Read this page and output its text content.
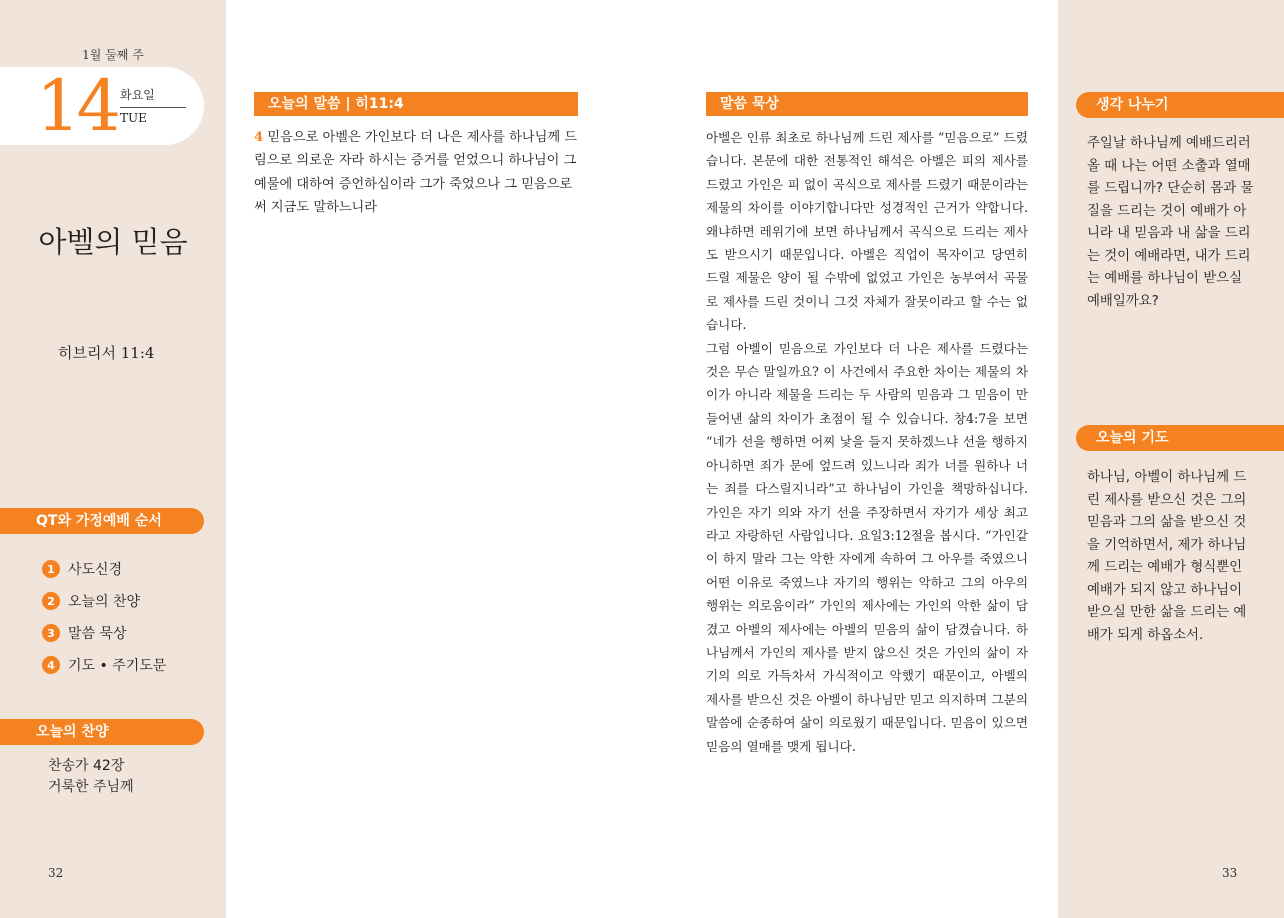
1월 둘째 주
14 화요일
TUE
아벨의 믿음
히브리서 11:4
QT와 가정예배 순서
1 사도신경
2 오늘의 찬양
3 말씀 묵상
4 기도 • 주기도문
오늘의 찬양
찬송가 42장
거룩한 주님께
32
오늘의 말씀 | 히11:4
4 믿음으로 아벨은 가인보다 더 나은 제사를 하나님께 드림으로 의로운 자라 하시는 증거를 얻었으니 하나님이 그 예물에 대하여 증언하심이라 그가 죽었으나 그 믿음으로써 지금도 말하느니라
말씀 묵상

아벨은 인류 최초로 하나님께 드린 제사를 “믿음으로” 드렸습니다. 본문에 대한 전통적인 해석은 아벨은 피의 제사를 드렸고 가인은 피 없이 곡식으로 제사를 드렸기 때문이라는 제물의 차이를 이야기합니다만 성경적인 근거가 약합니다. 왜냐하면 레위기에 보면 하나님께서 곡식으로 드리는 제사도 받으시기 때문입니다. 아벨은 직업이 목자이고 당연히 드릴 제물은 양이 될 수밖에 없었고 가인은 농부여서 곡물로 제사를 드린 것이니 그것 자체가 잘못이라고 할 수는 없습니다.

그럼 아벨이 믿음으로 가인보다 더 나은 제사를 드렸다는 것은 무슨 말일까요? 이 사건에서 주요한 차이는 제물의 차이가 아니라 제물을 드리는 두 사람의 믿음과 그 믿음이 만들어낸 삶의 차이가 초점이 될 수 있습니다. 창4:7을 보면 “네가 선을 행하면 어찌 낯을 들지 못하겠느냐 선을 행하지 아니하면 죄가 문에 엎드려 있느니라 죄가 너를 원하나 너는 죄를 다스릴지니라”고 하나님이 가인을 책망하십니다. 가인은 자기 의와 자기 선을 주장하면서 자기가 세상 최고라고 자랑하던 사람입니다. 요일3:12절을 봅시다. “가인같이 하지 말라 그는 악한 자에게 속하여 그 아우를 죽였으니 어떤 이유로 죽였느냐 자기의 행위는 악하고 그의 아우의 행위는 의로움이라” 가인의 제사에는 가인의 악한 삶이 담겼고 아벨의 제사에는 아벨의 믿음의 삶이 담겼습니다. 하나님께서 가인의 제사를 받지 않으신 것은 가인의 삶이 자기의 의로 가득차서 가식적이고 악했기 때문이고, 아벨의 제사를 받으신 것은 아벨이 하나님만 믿고 의지하며 그분의 말씀에 순종하여 삶이 의로웠기 때문입니다. 믿음이 있으면 믿음의 열매를 맺게 됩니다.

생각 나누기
주일날 하나님께 예배드리러 올 때 나는 어떤 소출과 열매를 드립니까? 단순히 몸과 물질을 드리는 것이 예배가 아니라 내 믿음과 내 삶을 드리는 것이 예배라면, 내가 드리는 예배를 하나님이 받으실 예배일까요?
오늘의 기도
하나님, 아벨이 하나님께 드린 제사를 받으신 것은 그의 믿음과 그의 삶을 받으신 것을 기억하면서, 제가 하나님께 드리는 예배가 형식뿐인 예배가 되지 않고 하나님이 받으실 만한 삶을 드리는 예배가 되게 하옵소서.
33
